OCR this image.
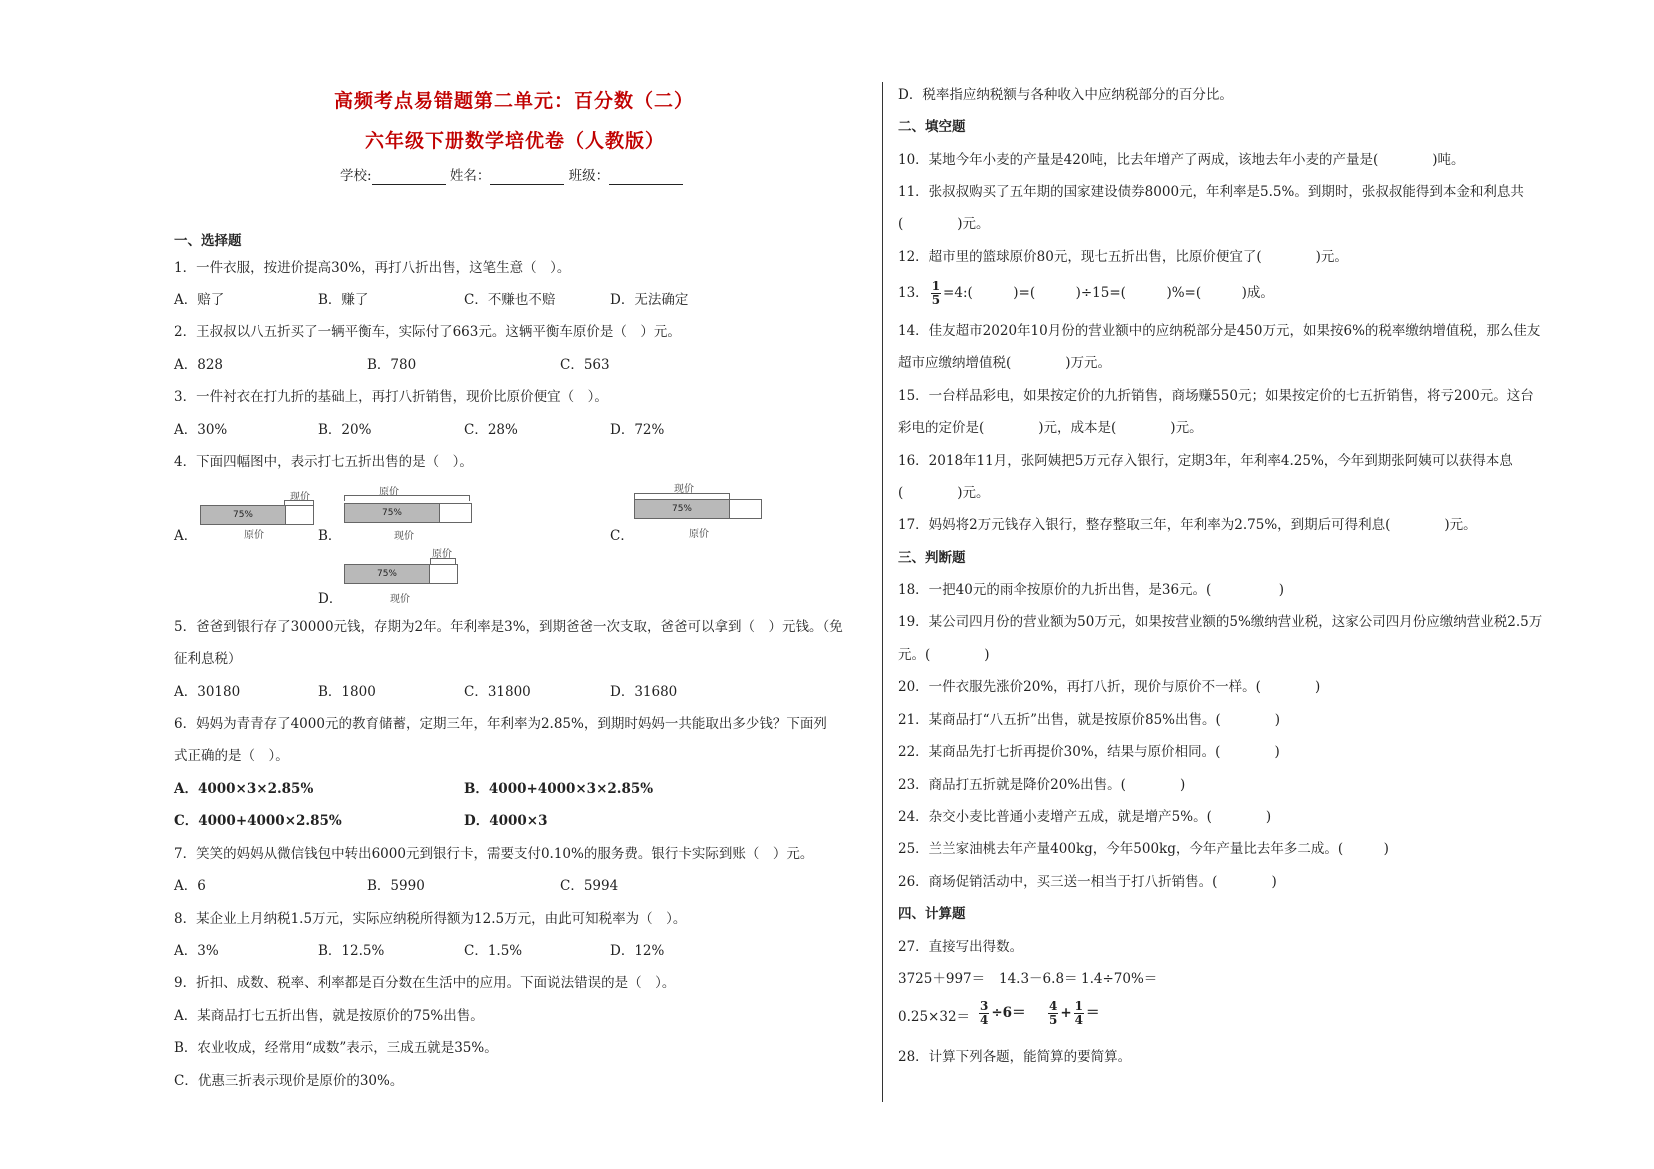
高频考点易错题第二单元：百分数（二）
六年级下册数学培优卷（人教版）
学校:	姓名：	班级：
一、选择题
1．一件衣服，按进价提高30%，再打八折出售，这笔生意（　）。
A．赔了	B．赚了	C．不赚也不赔	D．无法确定
2．王叔叔以八五折买了一辆平衡车，实际付了663元。这辆平衡车原价是（　）元。
A．828	B．780	C．563
3．一件衬衣在打九折的基础上，再打八折销售，现价比原价便宜（　）。
A．30%	B．20%	C．28%	D．72%
4．下面四幅图中，表示打七五折出售的是（　）。
A．
现价
75%
原价	B．
原价
75%
现价	C．
现价
75%
原价
D．
原价
75%
现价
5．爸爸到银行存了30000元钱，存期为2年。年利率是3%，到期爸爸一次支取，爸爸可以拿到（　）元钱。（免
征利息税）
A．30180	B．1800	C．31800	D．31680
6．妈妈为青青存了4000元的教育储蓄，定期三年，年利率为2.85%，到期时妈妈一共能取出多少钱？下面列
式正确的是（　）。
A．4000×3×2.85%	B．4000+4000×3×2.85%
C．4000+4000×2.85%	D．4000×3
7．笑笑的妈妈从微信钱包中转出6000元到银行卡，需要支付0.10%的服务费。银行卡实际到账（　）元。
A．6	B．5990	C．5994
8．某企业上月纳税1.5万元，实际应纳税所得额为12.5万元，由此可知税率为（　）。
A．3%	B．12.5%	C．1.5%	D．12%
9．折扣、成数、税率、利率都是百分数在生活中的应用。下面说法错误的是（　）。
A．某商品打七五折出售，就是按原价的75%出售。
B．农业收成，经常用“成数”表示，三成五就是35%。
C．优惠三折表示现价是原价的30%。
D．税率指应纳税额与各种收入中应纳税部分的百分比。
二、填空题
10．某地今年小麦的产量是420吨，比去年增产了两成，该地去年小麦的产量是(　　　　)吨。
11．张叔叔购买了五年期的国家建设债券8000元，年利率是5.5%。到期时，张叔叔能得到本金和利息共
(　　　　)元。
12．超市里的篮球原价80元，现七五折出售，比原价便宜了(　　　　)元。
13． $\frac{1}{5}$ =4:(　　　)=(　　　)÷15=(　　　)%=(　　　)成。
14．佳友超市2020年10月份的营业额中的应纳税部分是450万元，如果按6%的税率缴纳增值税，那么佳友
超市应缴纳增值税(　　　　)万元。
15．一台样品彩电，如果按定价的九折销售，商场赚550元；如果按定价的七五折销售，将亏200元。这台
彩电的定价是(　　　　)元，成本是(　　　　)元。
16．2018年11月，张阿姨把5万元存入银行，定期3年，年利率4.25%，今年到期张阿姨可以获得本息
(　　　　)元。
17．妈妈将2万元钱存入银行，整存整取三年，年利率为2.75%，到期后可得利息(　　　　)元。
三、判断题
18．一把40元的雨伞按原价的九折出售，是36元。(　　　　　)
19．某公司四月份的营业额为50万元，如果按营业额的5%缴纳营业税，这家公司四月份应缴纳营业税2.5万
元。(　　　　)
20．一件衣服先涨价20%，再打八折，现价与原价不一样。(　　　　)
21．某商品打“八五折”出售，就是按原价85%出售。(　　　　)
22．某商品先打七折再提价30%，结果与原价相同。(　　　　)
23．商品打五折就是降价20%出售。(　　　　)
24．杂交小麦比普通小麦增产五成，就是增产5%。(　　　　)
25．兰兰家油桃去年产量400kg，今年500kg，今年产量比去年多二成。(　　　)
26．商场促销活动中，买三送一相当于打八折销售。(　　　　)
四、计算题
27．直接写出得数。
3725＋997＝ 14.3－6.8＝ 1.4÷70%＝
$0.25\times 32= \frac{3}{4} \div 6= \frac{4}{5} + \frac{1}{4}$ ＝
28．计算下列各题，能简算的要简算。
